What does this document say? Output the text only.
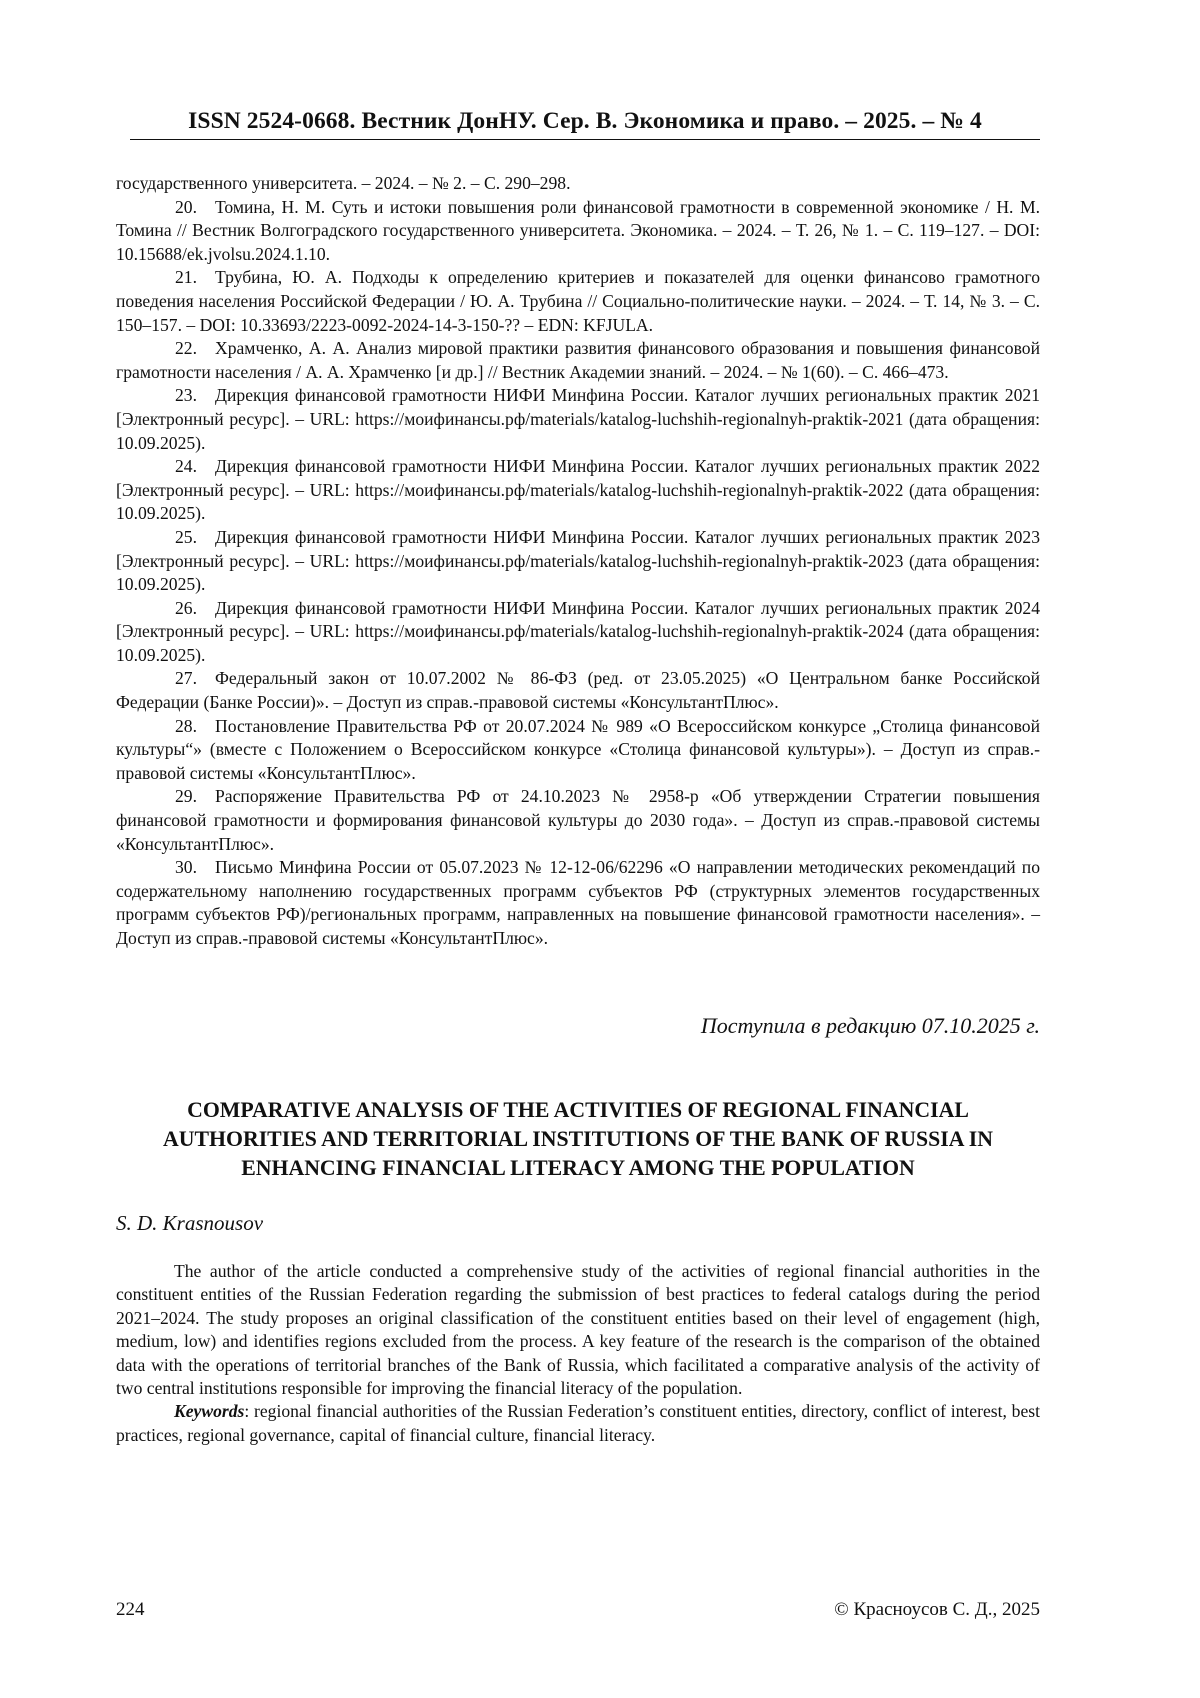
ISSN 2524-0668. Вестник ДонНУ. Сер. В. Экономика и право. – 2025. – № 4

государственного университета. – 2024. – № 2. – С. 290–298.

20. Томина, Н. М. Суть и истоки повышения роли финансовой грамотности в современной экономике / Н. М. Томина // Вестник Волгоградского государственного университета. Экономика. – 2024. – Т. 26, № 1. – С. 119–127. – DOI: 10.15688/ek.jvolsu.2024.1.10.

21. Трубина, Ю. А. Подходы к определению критериев и показателей для оценки финансово грамотного поведения населения Российской Федерации / Ю. А. Трубина // Социально-политические науки. – 2024. – Т. 14, № 3. – С. 150–157. – DOI: 10.33693/2223-0092-2024-14-3-150-?? – EDN: KFJULA.

22. Храмченко, А. А. Анализ мировой практики развития финансового образования и повышения финансовой грамотности населения / А. А. Храмченко [и др.] // Вестник Академии знаний. – 2024. – № 1(60). – С. 466–473.

23. Дирекция финансовой грамотности НИФИ Минфина России. Каталог лучших региональных практик 2021 [Электронный ресурс]. – URL: https://моифинансы.рф/materials/katalog-luchshih-regionalnyh-praktik-2021 (дата обращения: 10.09.2025).

24. Дирекция финансовой грамотности НИФИ Минфина России. Каталог лучших региональных практик 2022 [Электронный ресурс]. – URL: https://моифинансы.рф/materials/katalog-luchshih-regionalnyh-praktik-2022 (дата обращения: 10.09.2025).

25. Дирекция финансовой грамотности НИФИ Минфина России. Каталог лучших региональных практик 2023 [Электронный ресурс]. – URL: https://моифинансы.рф/materials/katalog-luchshih-regionalnyh-praktik-2023 (дата обращения: 10.09.2025).

26. Дирекция финансовой грамотности НИФИ Минфина России. Каталог лучших региональных практик 2024 [Электронный ресурс]. – URL: https://моифинансы.рф/materials/katalog-luchshih-regionalnyh-praktik-2024 (дата обращения: 10.09.2025).

27. Федеральный закон от 10.07.2002 № 86-ФЗ (ред. от 23.05.2025) «О Центральном банке Российской Федерации (Банке России)». – Доступ из справ.-правовой системы «КонсультантПлюс».

28. Постановление Правительства РФ от 20.07.2024 № 989 «О Всероссийском конкурсе „Столица финансовой культуры“» (вместе с Положением о Всероссийском конкурсе «Столица финансовой культуры»). – Доступ из справ.-правовой системы «КонсультантПлюс».

29. Распоряжение Правительства РФ от 24.10.2023 № 2958-р «Об утверждении Стратегии повышения финансовой грамотности и формирования финансовой культуры до 2030 года». – Доступ из справ.-правовой системы «КонсультантПлюс».

30. Письмо Минфина России от 05.07.2023 № 12-12-06/62296 «О направлении методических рекомендаций по содержательному наполнению государственных программ субъектов РФ (структурных элементов государственных программ субъектов РФ)/региональных программ, направленных на повышение финансовой грамотности населения». – Доступ из справ.-правовой системы «КонсультантПлюс».

Поступила в редакцию 07.10.2025 г.
COMPARATIVE ANALYSIS OF THE ACTIVITIES OF REGIONAL FINANCIAL AUTHORITIES AND TERRITORIAL INSTITUTIONS OF THE BANK OF RUSSIA IN ENHANCING FINANCIAL LITERACY AMONG THE POPULATION
S. D. Krasnousov

The author of the article conducted a comprehensive study of the activities of regional financial authorities in the constituent entities of the Russian Federation regarding the submission of best practices to federal catalogs during the period 2021–2024. The study proposes an original classification of the constituent entities based on their level of engagement (high, medium, low) and identifies regions excluded from the process. A key feature of the research is the comparison of the obtained data with the operations of territorial branches of the Bank of Russia, which facilitated a comparative analysis of the activity of two central institutions responsible for improving the financial literacy of the population.

Keywords: regional financial authorities of the Russian Federation’s constituent entities, directory, conflict of interest, best practices, regional governance, capital of financial culture, financial literacy.

224	© Красноусов С. Д., 2025
